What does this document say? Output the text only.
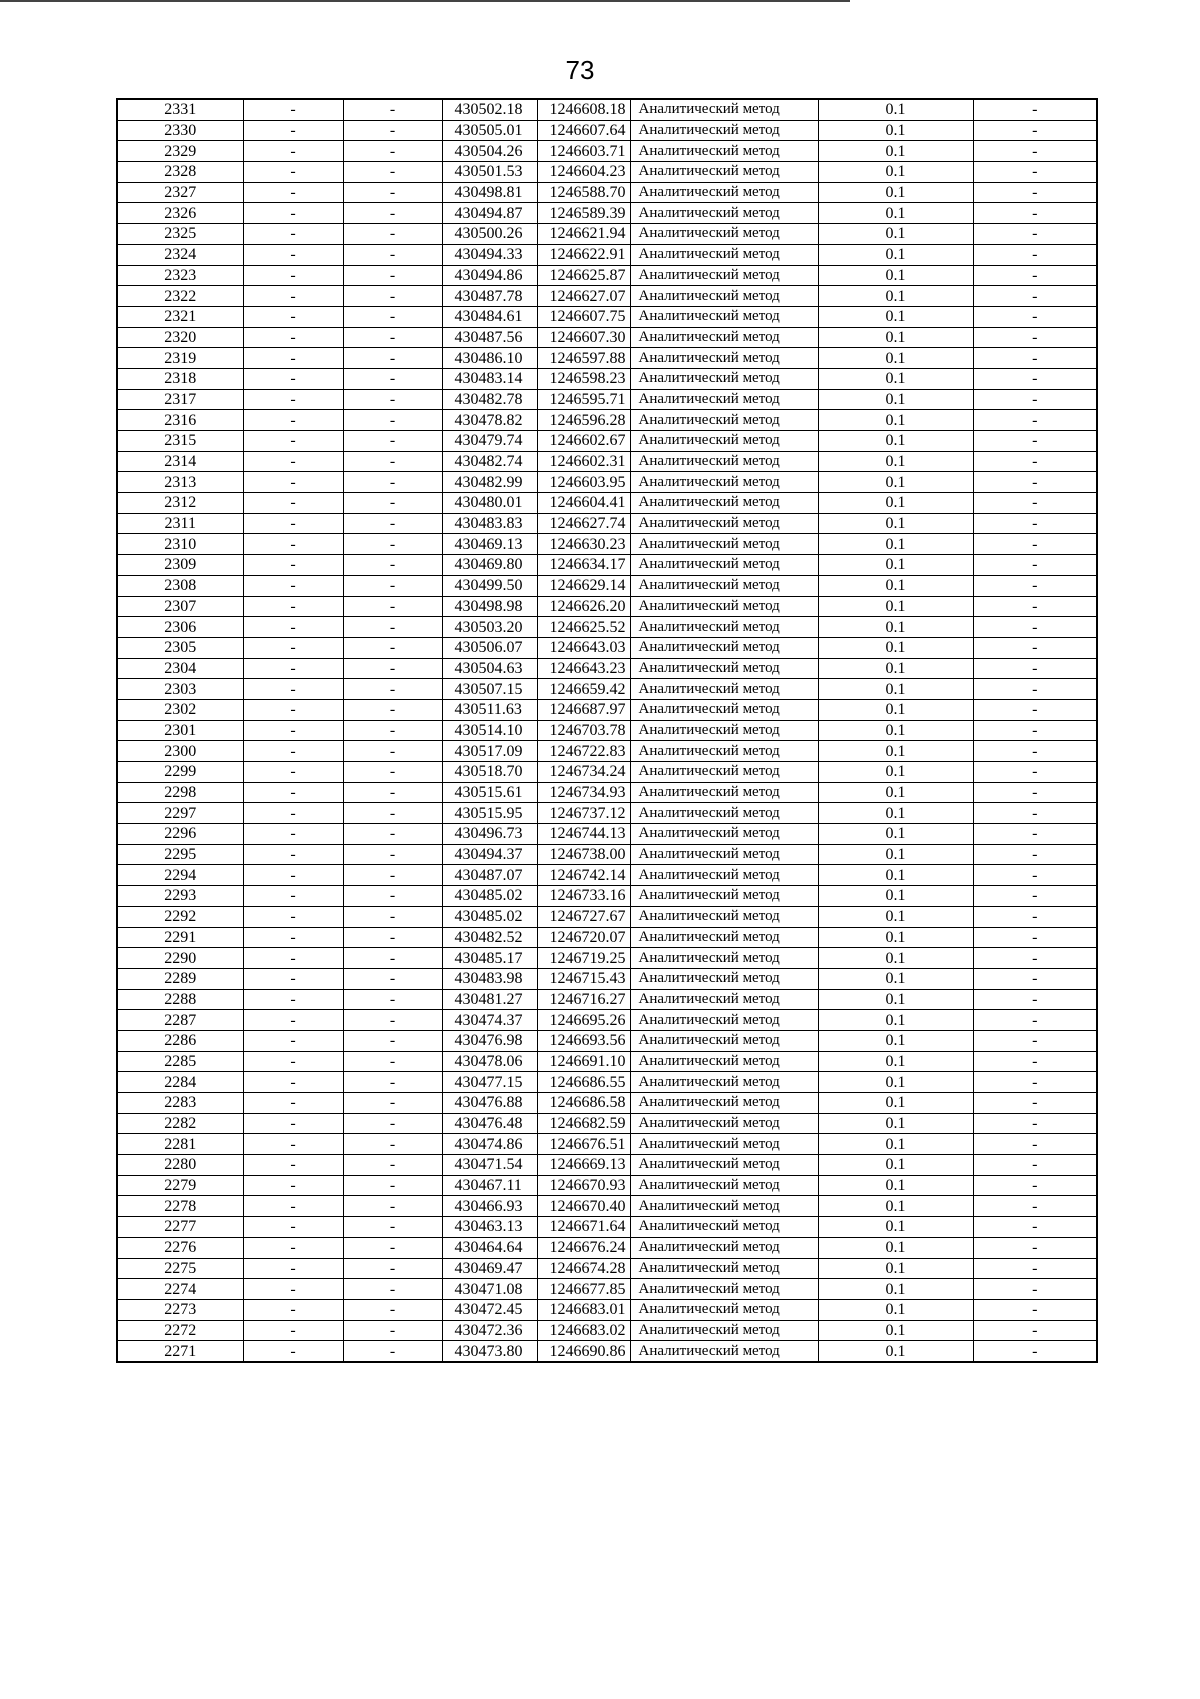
73
2331	-	-	430502.18	1246608.18	Аналитический метод	0.1	-
2330	-	-	430505.01	1246607.64	Аналитический метод	0.1	-
2329	-	-	430504.26	1246603.71	Аналитический метод	0.1	-
2328	-	-	430501.53	1246604.23	Аналитический метод	0.1	-
2327	-	-	430498.81	1246588.70	Аналитический метод	0.1	-
2326	-	-	430494.87	1246589.39	Аналитический метод	0.1	-
2325	-	-	430500.26	1246621.94	Аналитический метод	0.1	-
2324	-	-	430494.33	1246622.91	Аналитический метод	0.1	-
2323	-	-	430494.86	1246625.87	Аналитический метод	0.1	-
2322	-	-	430487.78	1246627.07	Аналитический метод	0.1	-
2321	-	-	430484.61	1246607.75	Аналитический метод	0.1	-
2320	-	-	430487.56	1246607.30	Аналитический метод	0.1	-
2319	-	-	430486.10	1246597.88	Аналитический метод	0.1	-
2318	-	-	430483.14	1246598.23	Аналитический метод	0.1	-
2317	-	-	430482.78	1246595.71	Аналитический метод	0.1	-
2316	-	-	430478.82	1246596.28	Аналитический метод	0.1	-
2315	-	-	430479.74	1246602.67	Аналитический метод	0.1	-
2314	-	-	430482.74	1246602.31	Аналитический метод	0.1	-
2313	-	-	430482.99	1246603.95	Аналитический метод	0.1	-
2312	-	-	430480.01	1246604.41	Аналитический метод	0.1	-
2311	-	-	430483.83	1246627.74	Аналитический метод	0.1	-
2310	-	-	430469.13	1246630.23	Аналитический метод	0.1	-
2309	-	-	430469.80	1246634.17	Аналитический метод	0.1	-
2308	-	-	430499.50	1246629.14	Аналитический метод	0.1	-
2307	-	-	430498.98	1246626.20	Аналитический метод	0.1	-
2306	-	-	430503.20	1246625.52	Аналитический метод	0.1	-
2305	-	-	430506.07	1246643.03	Аналитический метод	0.1	-
2304	-	-	430504.63	1246643.23	Аналитический метод	0.1	-
2303	-	-	430507.15	1246659.42	Аналитический метод	0.1	-
2302	-	-	430511.63	1246687.97	Аналитический метод	0.1	-
2301	-	-	430514.10	1246703.78	Аналитический метод	0.1	-
2300	-	-	430517.09	1246722.83	Аналитический метод	0.1	-
2299	-	-	430518.70	1246734.24	Аналитический метод	0.1	-
2298	-	-	430515.61	1246734.93	Аналитический метод	0.1	-
2297	-	-	430515.95	1246737.12	Аналитический метод	0.1	-
2296	-	-	430496.73	1246744.13	Аналитический метод	0.1	-
2295	-	-	430494.37	1246738.00	Аналитический метод	0.1	-
2294	-	-	430487.07	1246742.14	Аналитический метод	0.1	-
2293	-	-	430485.02	1246733.16	Аналитический метод	0.1	-
2292	-	-	430485.02	1246727.67	Аналитический метод	0.1	-
2291	-	-	430482.52	1246720.07	Аналитический метод	0.1	-
2290	-	-	430485.17	1246719.25	Аналитический метод	0.1	-
2289	-	-	430483.98	1246715.43	Аналитический метод	0.1	-
2288	-	-	430481.27	1246716.27	Аналитический метод	0.1	-
2287	-	-	430474.37	1246695.26	Аналитический метод	0.1	-
2286	-	-	430476.98	1246693.56	Аналитический метод	0.1	-
2285	-	-	430478.06	1246691.10	Аналитический метод	0.1	-
2284	-	-	430477.15	1246686.55	Аналитический метод	0.1	-
2283	-	-	430476.88	1246686.58	Аналитический метод	0.1	-
2282	-	-	430476.48	1246682.59	Аналитический метод	0.1	-
2281	-	-	430474.86	1246676.51	Аналитический метод	0.1	-
2280	-	-	430471.54	1246669.13	Аналитический метод	0.1	-
2279	-	-	430467.11	1246670.93	Аналитический метод	0.1	-
2278	-	-	430466.93	1246670.40	Аналитический метод	0.1	-
2277	-	-	430463.13	1246671.64	Аналитический метод	0.1	-
2276	-	-	430464.64	1246676.24	Аналитический метод	0.1	-
2275	-	-	430469.47	1246674.28	Аналитический метод	0.1	-
2274	-	-	430471.08	1246677.85	Аналитический метод	0.1	-
2273	-	-	430472.45	1246683.01	Аналитический метод	0.1	-
2272	-	-	430472.36	1246683.02	Аналитический метод	0.1	-
2271	-	-	430473.80	1246690.86	Аналитический метод	0.1	-
